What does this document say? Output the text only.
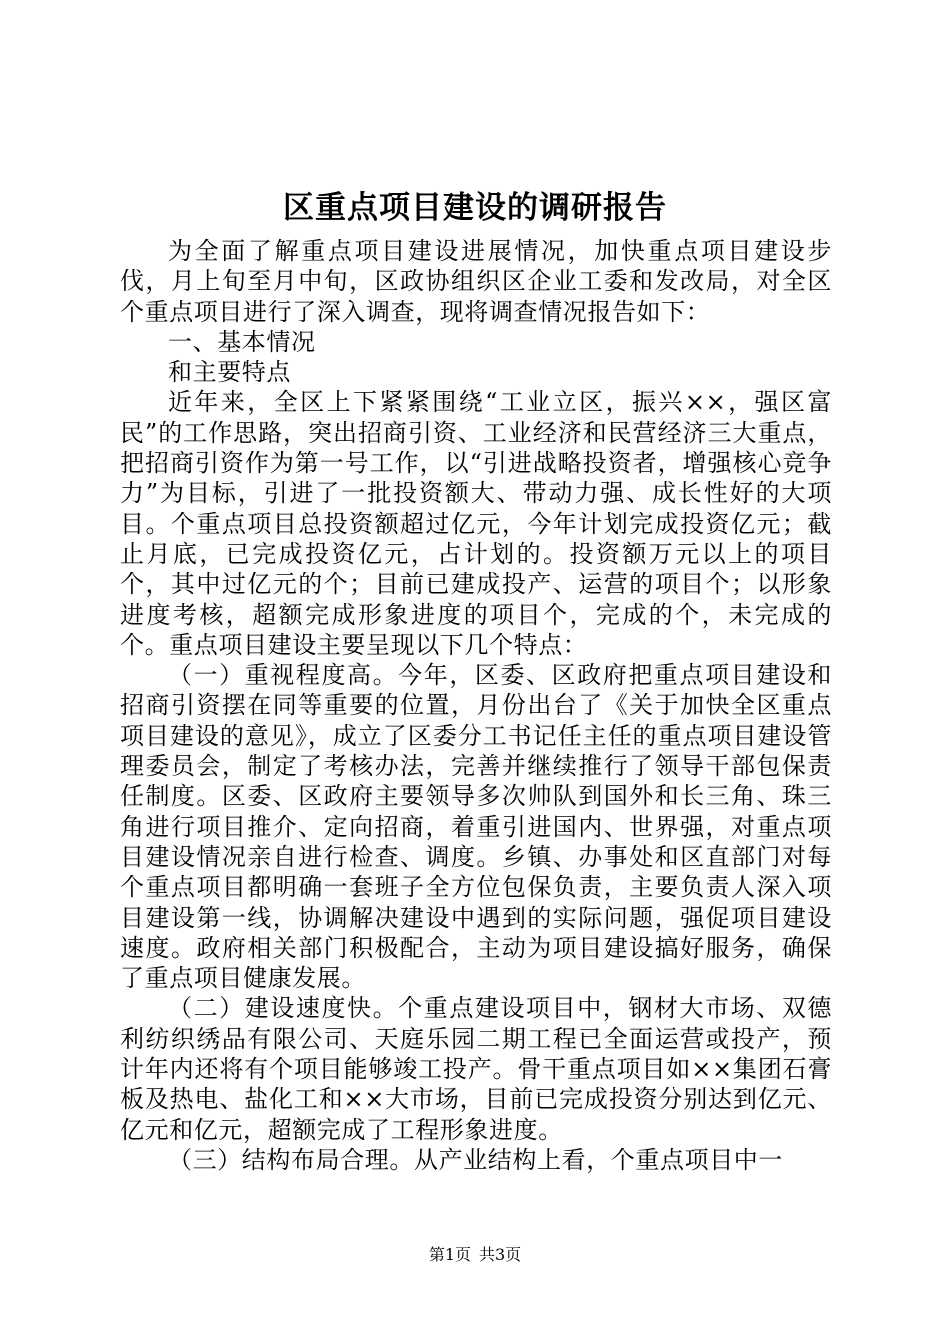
区重点项目建设的调研报告

为全面了解重点项目建设进展情况，加快重点项目建设步伐，月上旬至月中旬，区政协组织区企业工委和发改局，对全区个重点项目进行了深入调查，现将调查情况报告如下：

一、基本情况

和主要特点

近年来，全区上下紧紧围绕“工业立区，振兴××，强区富民”的工作思路，突出招商引资、工业经济和民营经济三大重点，把招商引资作为第一号工作，以“引进战略投资者，增强核心竞争力”为目标，引进了一批投资额大、带动力强、成长性好的大项目。个重点项目总投资额超过亿元，今年计划完成投资亿元；截止月底，已完成投资亿元，占计划的。投资额万元以上的项目个，其中过亿元的个；目前已建成投产、运营的项目个；以形象进度考核，超额完成形象进度的项目个，完成的个，未完成的个。重点项目建设主要呈现以下几个特点：

（一）重视程度高。今年，区委、区政府把重点项目建设和招商引资摆在同等重要的位置，月份出台了《关于加快全区重点项目建设的意见》，成立了区委分工书记任主任的重点项目建设管理委员会，制定了考核办法，完善并继续推行了领导干部包保责任制度。区委、区政府主要领导多次帅队到国外和长三角、珠三角进行项目推介、定向招商，着重引进国内、世界强，对重点项目建设情况亲自进行检查、调度。乡镇、办事处和区直部门对每个重点项目都明确一套班子全方位包保负责，主要负责人深入项目建设第一线，协调解决建设中遇到的实际问题，强促项目建设速度。政府相关部门积极配合，主动为项目建设搞好服务，确保了重点项目健康发展。

（二）建设速度快。个重点建设项目中，钢材大市场、双德利纺织绣品有限公司、天庭乐园二期工程已全面运营或投产，预计年内还将有个项目能够竣工投产。骨干重点项目如××集团石膏板及热电、盐化工和××大市场，目前已完成投资分别达到亿元、亿元和亿元，超额完成了工程形象进度。

（三）结构布局合理。从产业结构上看，个重点项目中一

第1页 共3页
